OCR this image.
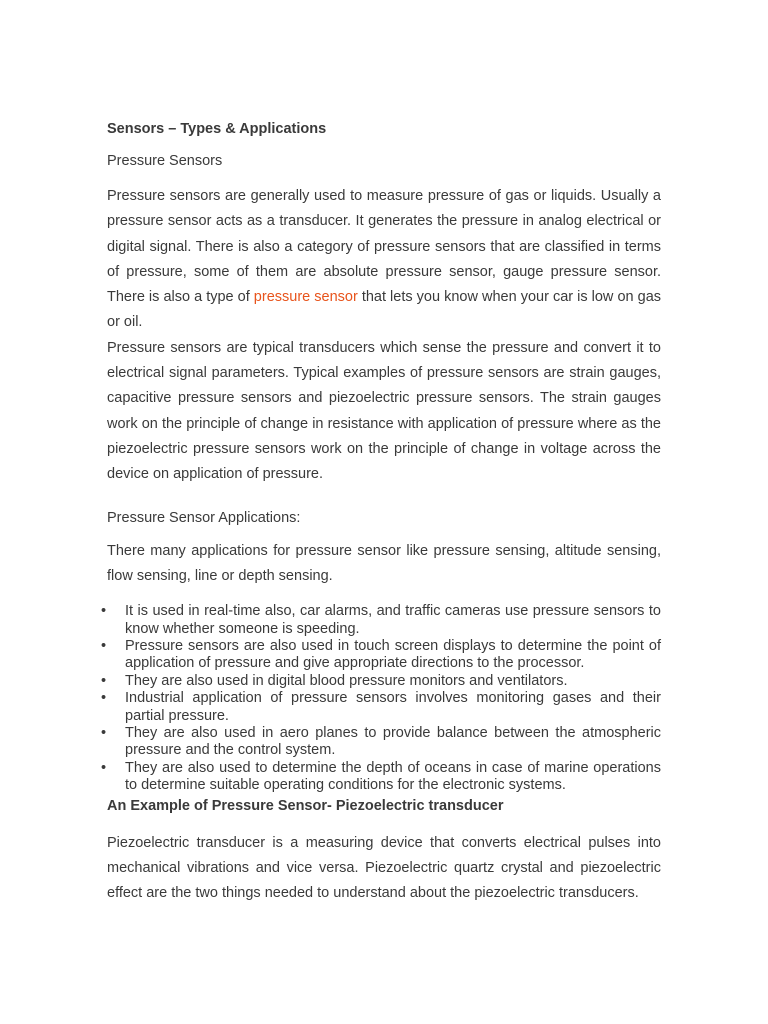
Sensors – Types & Applications

Pressure Sensors

Pressure sensors are generally used to measure pressure of gas or liquids. Usually a pressure sensor acts as a transducer. It generates the pressure in analog electrical or digital signal. There is also a category of pressure sensors that are classified in terms of pressure, some of them are absolute pressure sensor, gauge pressure sensor. There is also a type of pressure sensor that lets you know when your car is low on gas or oil.

Pressure sensors are typical transducers which sense the pressure and convert it to electrical signal parameters. Typical examples of pressure sensors are strain gauges, capacitive pressure sensors and piezoelectric pressure sensors. The strain gauges work on the principle of change in resistance with application of pressure where as the piezoelectric pressure sensors work on the principle of change in voltage across the device on application of pressure.

Pressure Sensor Applications:

There many applications for pressure sensor like pressure sensing, altitude sensing, flow sensing, line or depth sensing.

• It is used in real-time also, car alarms, and traffic cameras use pressure sensors to know whether someone is speeding.
• Pressure sensors are also used in touch screen displays to determine the point of application of pressure and give appropriate directions to the processor.
• They are also used in digital blood pressure monitors and ventilators.
• Industrial application of pressure sensors involves monitoring gases and their partial pressure.
• They are also used in aero planes to provide balance between the atmospheric pressure and the control system.
• They are also used to determine the depth of oceans in case of marine operations to determine suitable operating conditions for the electronic systems.

An Example of Pressure Sensor- Piezoelectric transducer

Piezoelectric transducer is a measuring device that converts electrical pulses into mechanical vibrations and vice versa. Piezoelectric quartz crystal and piezoelectric effect are the two things needed to understand about the piezoelectric transducers.
